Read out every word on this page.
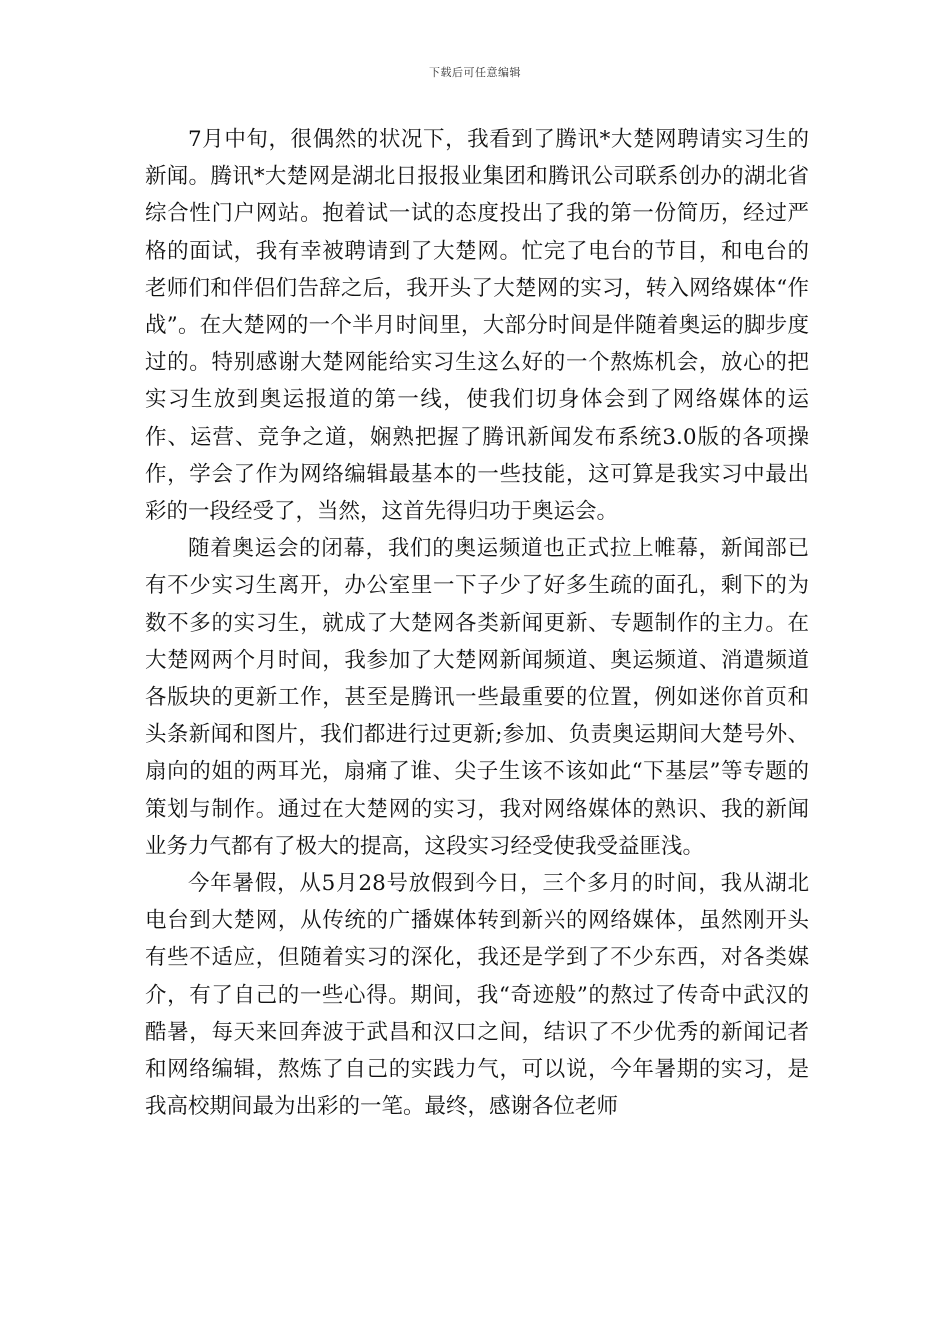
下载后可任意编辑

7月中旬，很偶然的状况下，我看到了腾讯*大楚网聘请实习生的新闻。腾讯*大楚网是湖北日报报业集团和腾讯公司联系创办的湖北省综合性门户网站。抱着试一试的态度投出了我的第一份简历，经过严格的面试，我有幸被聘请到了大楚网。忙完了电台的节目，和电台的老师们和伴侣们告辞之后，我开头了大楚网的实习，转入网络媒体“作战”。在大楚网的一个半月时间里，大部分时间是伴随着奥运的脚步度过的。特别感谢大楚网能给实习生这么好的一个熬炼机会，放心的把实习生放到奥运报道的第一线，使我们切身体会到了网络媒体的运作、运营、竞争之道，娴熟把握了腾讯新闻发布系统3.0版的各项操作，学会了作为网络编辑最基本的一些技能，这可算是我实习中最出彩的一段经受了，当然，这首先得归功于奥运会。

随着奥运会的闭幕，我们的奥运频道也正式拉上帷幕，新闻部已有不少实习生离开，办公室里一下子少了好多生疏的面孔，剩下的为数不多的实习生，就成了大楚网各类新闻更新、专题制作的主力。在大楚网两个月时间，我参加了大楚网新闻频道、奥运频道、消遣频道各版块的更新工作，甚至是腾讯一些最重要的位置，例如迷你首页和头条新闻和图片，我们都进行过更新;参加、负责奥运期间大楚号外、扇向的姐的两耳光，扇痛了谁、尖子生该不该如此“下基层”等专题的策划与制作。通过在大楚网的实习，我对网络媒体的熟识、我的新闻业务力气都有了极大的提高，这段实习经受使我受益匪浅。

今年暑假，从5月28号放假到今日，三个多月的时间，我从湖北电台到大楚网，从传统的广播媒体转到新兴的网络媒体，虽然刚开头有些不适应，但随着实习的深化，我还是学到了不少东西，对各类媒介，有了自己的一些心得。期间，我“奇迹般”的熬过了传奇中武汉的酷暑，每天来回奔波于武昌和汉口之间，结识了不少优秀的新闻记者和网络编辑，熬炼了自己的实践力气，可以说，今年暑期的实习，是我高校期间最为出彩的一笔。最终，感谢各位老师
